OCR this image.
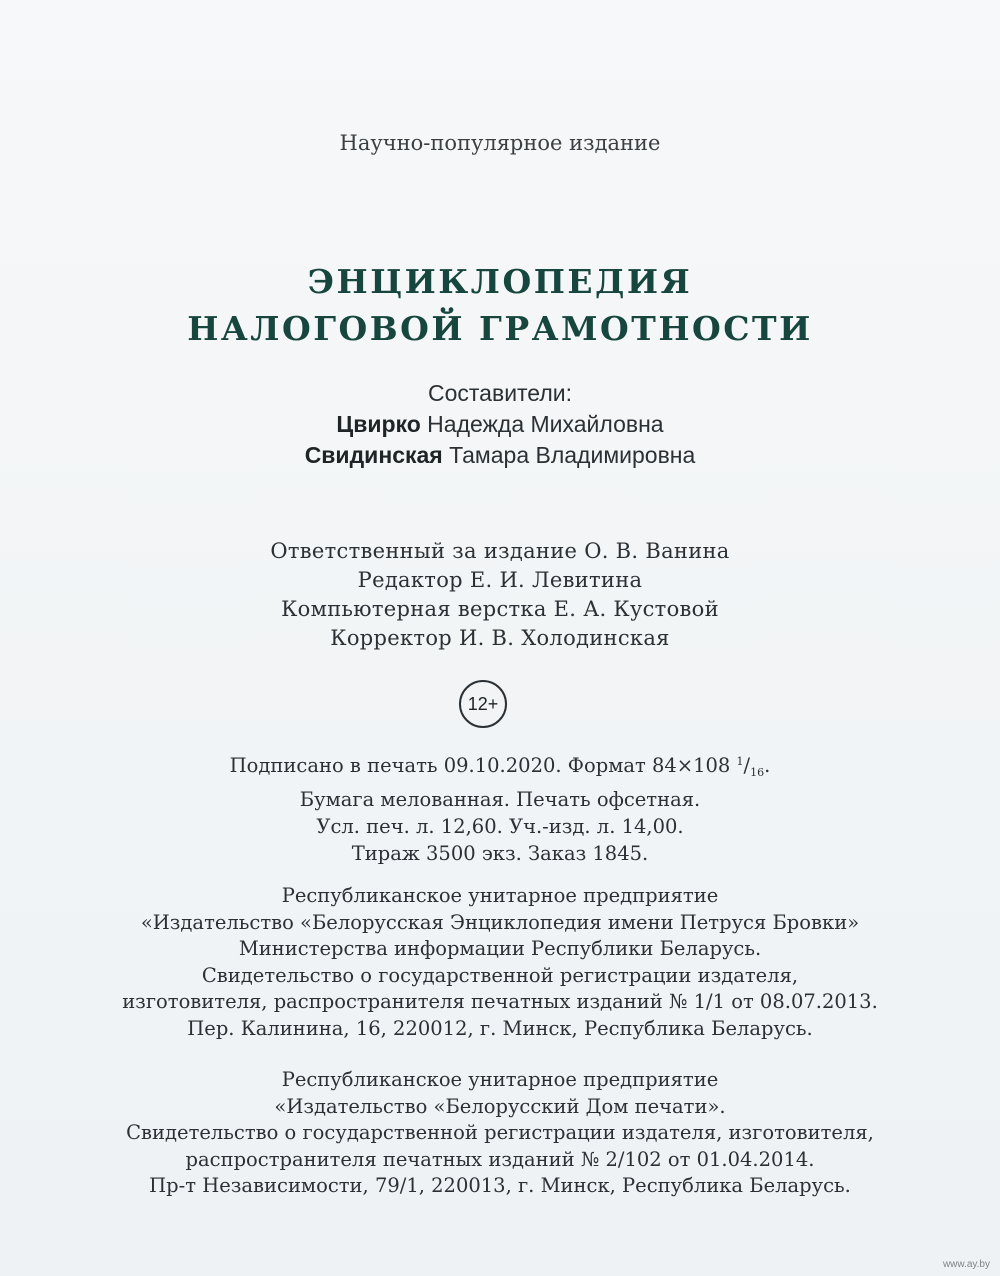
Научно-популярное издание
ЭНЦИКЛОПЕДИЯ
НАЛОГОВОЙ ГРАМОТНОСТИ
Составители:
Цвирко Надежда Михайловна
Свидинская Тамара Владимировна
Ответственный за издание О. В. Ванина
Редактор Е. И. Левитина
Компьютерная верстка Е. А. Кустовой
Корректор И. В. Холодинская
12+
Подписано в печать 09.10.2020. Формат 84×108 $^1/_{16}$.
Бумага мелованная. Печать офсетная.
Усл. печ. л. 12,60. Уч.-изд. л. 14,00.
Тираж 3500 экз. Заказ 1845.
Республиканское унитарное предприятие
«Издательство «Белорусская Энциклопедия имени Петруся Бровки»
Министерства информации Республики Беларусь.
Свидетельство о государственной регистрации издателя,
изготовителя, распространителя печатных изданий № 1/1 от 08.07.2013.
Пер. Калинина, 16, 220012, г. Минск, Республика Беларусь.
Республиканское унитарное предприятие
«Издательство «Белорусский Дом печати».
Свидетельство о государственной регистрации издателя, изготовителя,
распространителя печатных изданий № 2/102 от 01.04.2014.
Пр-т Независимости, 79/1, 220013, г. Минск, Республика Беларусь.
www.ay.by
